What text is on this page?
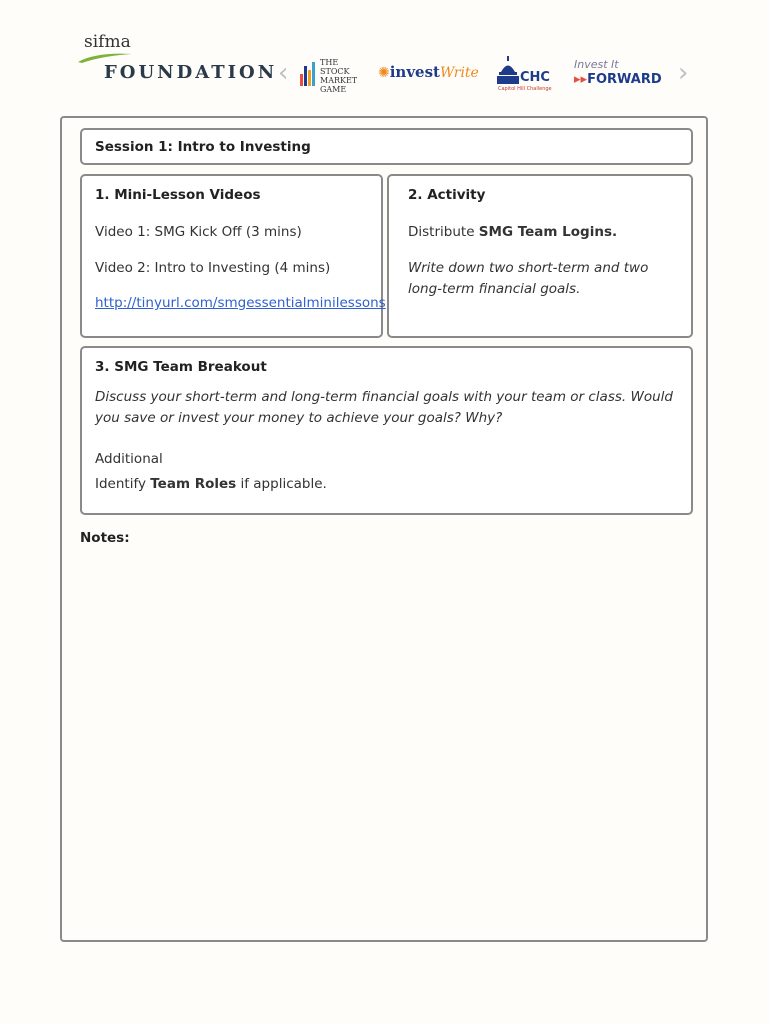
sifma
FOUNDATION ‹	THE
STOCK
MARKET
GAME
✺investWrite	CHC
Capitol Hill Challenge
Invest It
▸▸FORWARD ›
Session 1: Intro to Investing
1. Mini-Lesson Videos
Video 1: SMG Kick Off (3 mins)
Video 2: Intro to Investing (4 mins)
http://tinyurl.com/smgessentialminilessons
2. Activity
Distribute SMG Team Logins.
Write down two short-term and two long-term financial goals.
3. SMG Team Breakout
Discuss your short-term and long-term financial goals with your team or class. Would you save or invest your money to achieve your goals? Why?
Additional
Identify Team Roles if applicable.
Notes:
